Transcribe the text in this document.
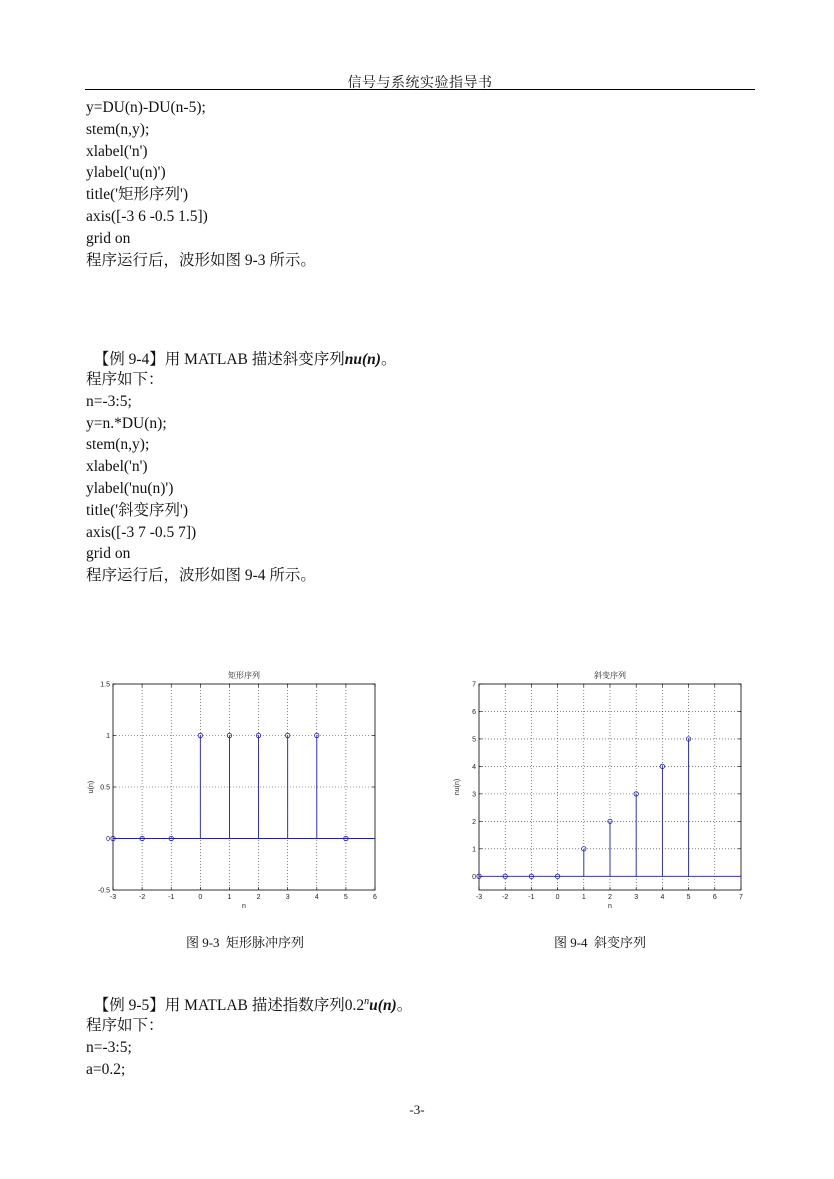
信号与系统实验指导书
y=DU(n)-DU(n-5);
stem(n,y);
xlabel('n')
ylabel('u(n)')
title('矩形序列')
axis([-3 6 -0.5 1.5])
grid on
程序运行后，波形如图 9-3 所示。

【例 9-4】用 MATLAB 描述斜变序列nu(n)。

程序如下：
n=-3:5;
y=n.*DU(n);
stem(n,y);
xlabel('n')
ylabel('nu(n)')
title('斜变序列')
axis([-3 7 -0.5 7])
grid on
程序运行后，波形如图 9-4 所示。
矩形序列
-3	-2	-1	0	1	2	3	4	5	6
-0.5
0
0.5
1
1.5
n
u(n)
斜变序列
-3	-2	-1	0	1	2	3	4	5	6	7
0
1
2
3
4
5
6
7
n
nu(n)
图 9-3  矩形脉冲序列	图 9-4  斜变序列

【例 9-5】用 MATLAB 描述指数序列0.2$^n$u(n)。

程序如下：
n=-3:5;
a=0.2;
-3-
